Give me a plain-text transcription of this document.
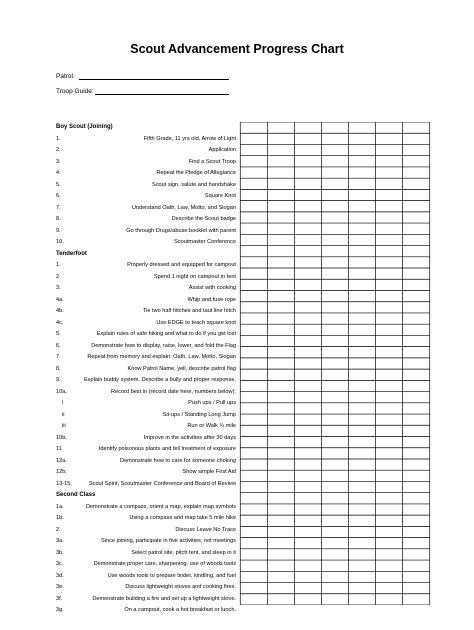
Scout Advancement Progress Chart
Patrol:
Troop Guide:
Boy Scout (Joining)
1.	Fifth Grade, 11 yrs old, Arrow of Light
2.	Application
3.	Find a Scout Troop
4.	Repeat the Pledge of Allegiance
5.	Scout sign, salute and handshake
6.	Square Knot
7.	Understand Oath, Law, Motto, and Slogan
8.	Describe the Scout badge
9.	Go through Drugs/abuse booklet with parent
10.	Scoutmaster Conference
Tenderfoot
1.	Properly dressed and equipped for campout
2.	Spend 1 night on campout in tent
3.	Assist with cooking
4a.	Whip and fuse rope
4b.	Tie two half hitches and taut line hitch
4c.	Use EDGE to teach square knot
5.	Explain rules of safe hiking and what to do if you get lost
6.	Demonstrate how to display, raise, lower, and fold the Flag
7.	Repeat from memory and explain: Oath, Law, Motto, Slogan
8.	Know Patrol Name, yell, describe patrol flag
9.	Explain buddy system. Describe a bully and proper response.
10a.	Record best in (record date here, numbers below):
i	Push ups / Pull ups
ii	Sit-ups / Standing Long Jump
iii	Run or Walk ¼ mile
10b.	Improve in the activities after 30 days
11	Identify poisonous plants and tell treatment of exposure
12a.	Demonstrate how to care for someone choking
12b.	Show simple First Aid
13-15.	Scout Spirit, Scoutmaster Conference and Board of Review
Second Class
1a.	Demonstrate a compass, orient a map, explain map symbols
1b.	Using a compass and map take 5 mile hike
2.	Discuss Leave No Trace
3a.	Since joining, participate in five activities, not meetings
3b.	Select patrol site, pitch tent, and sleep in it
3c.	Demonstrate proper care, sharpening, use of woods tools
3d.	Use woods tools to prepare tinder, kindling, and fuel
3e.	Discuss lightweight stoves and cooking fires.
3f.	Demonstrate building a fire and set up a lightweight stove.
3g.	On a campout, cook a hot breakfast or lunch.
